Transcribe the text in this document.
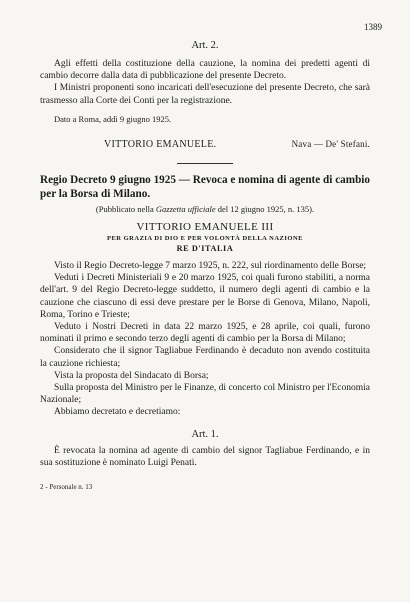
1389
Art. 2.

Agli effetti della costituzione della cauzione, la nomina dei predetti agenti di cambio decorre dalla data di pubblicazione del presente Decreto.

I Ministri proponenti sono incaricati dell'esecuzione del presente Decreto, che sarà trasmesso alla Corte dei Conti per la registrazione.

Dato a Roma, addì 9 giugno 1925.

VITTORIO EMANUELE.	Nava — De' Stefani.
Regio Decreto 9 giugno 1925 — Revoca e nomina di agente di cambio per la Borsa di Milano.
(Pubblicato nella Gazzetta ufficiale del 12 giugno 1925, n. 135).
VITTORIO EMANUELE III
PER GRAZIA DI DIO E PER VOLONTÀ DELLA NAZIONE
RE D'ITALIA

Visto il Regio Decreto-legge 7 marzo 1925, n. 222, sul riordinamento delle Borse;

Veduti i Decreti Ministeriali 9 e 20 marzo 1925, coi quali furono stabiliti, a norma dell'art. 9 del Regio Decreto-legge suddetto, il numero degli agenti di cambio e la cauzione che ciascuno di essi deve prestare per le Borse di Genova, Milano, Napoli, Roma, Torino e Trieste;

Veduto i Nostri Decreti in data 22 marzo 1925, e 28 aprile, coi quali, furono nominati il primo e secondo terzo degli agenti di cambio per la Borsa di Milano;

Considerato che il signor Tagliabue Ferdinando è decaduto non avendo costituita la cauzione richiesta;

Vista la proposta del Sindacato di Borsa;

Sulla proposta del Ministro per le Finanze, di concerto col Ministro per l'Economia Nazionale;

Abbiamo decretato e decretiamo:

Art. 1.

È revocata la nomina ad agente di cambio del signor Tagliabue Ferdinando, e in sua sostituzione è nominato Luigi Penati.

2 - Personale n. 13
